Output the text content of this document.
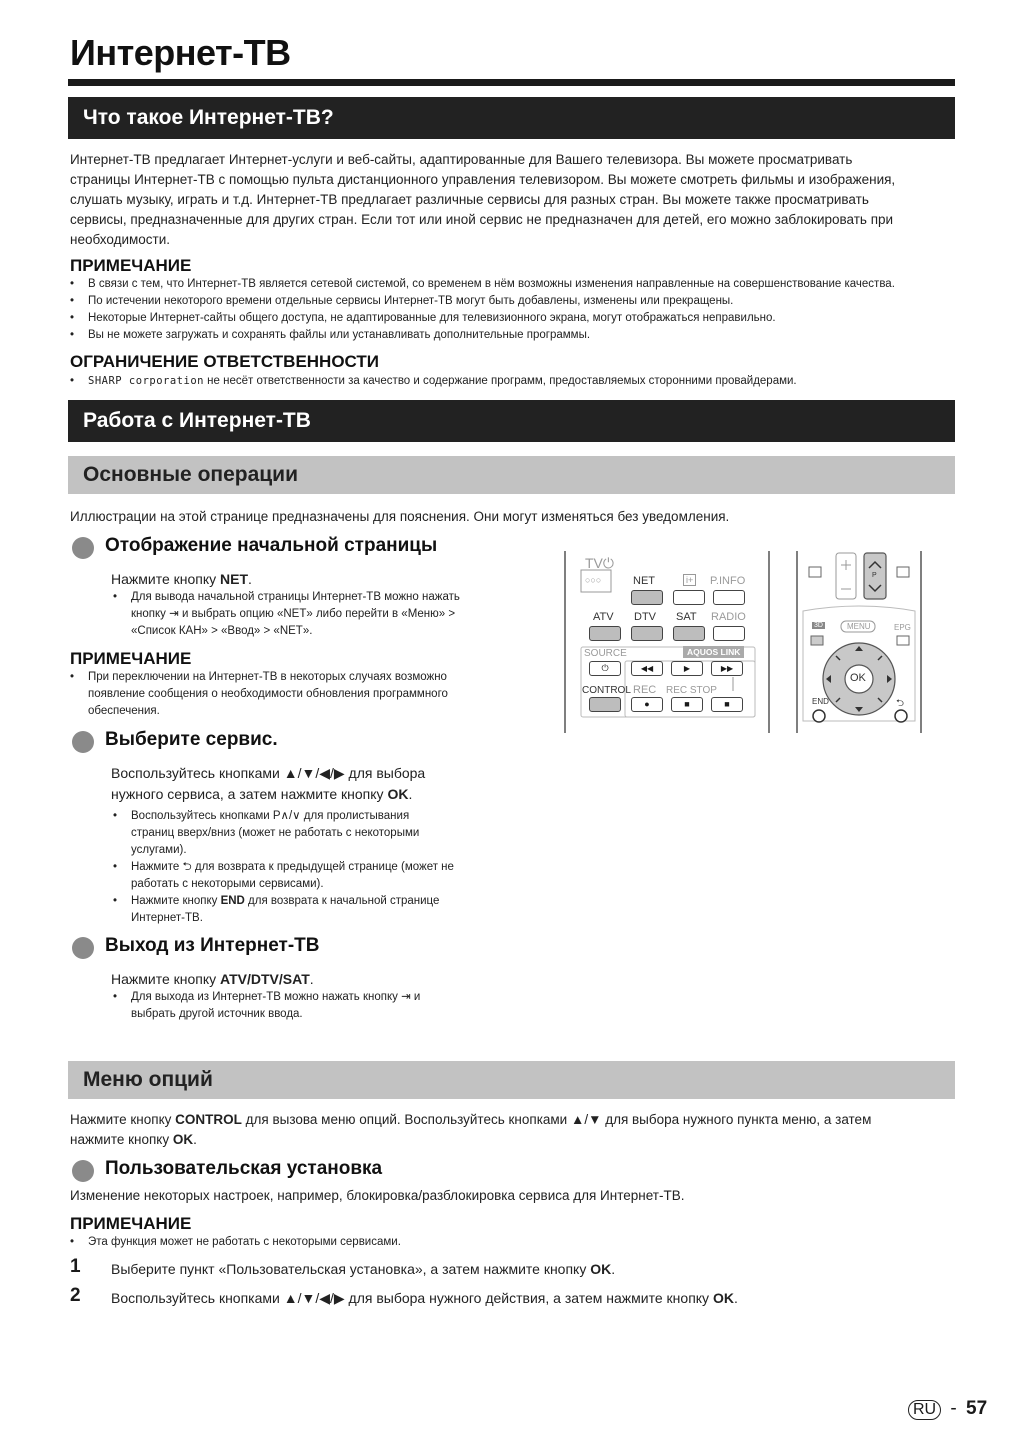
Интернет-ТВ
Что такое Интернет-ТВ?
Интернет-ТВ предлагает Интернет-услуги и веб-сайты, адаптированные для Вашего телевизора. Вы можете просматривать
страницы Интернет-ТВ с помощью пульта дистанционного управления телевизором. Вы можете смотреть фильмы и изображения,
слушать музыку, играть и т.д. Интернет-ТВ предлагает различные сервисы для разных стран. Вы можете также просматривать
сервисы, предназначенные для других стран. Если тот или иной сервис не предназначен для детей, его можно заблокировать при
необходимости.
ПРИМЕЧАНИЕ
• В связи с тем, что Интернет-ТВ является сетевой системой, со временем в нём возможны изменения направленные на совершенствование качества.
• По истечении некоторого времени отдельные сервисы Интернет-ТВ могут быть добавлены, изменены или прекращены.
• Некоторые Интернет-сайты общего доступа, не адаптированные для телевизионного экрана, могут отображаться неправильно.
• Вы не можете загружать и сохранять файлы или устанавливать дополнительные программы.
ОГРАНИЧЕНИЕ ОТВЕТСТВЕННОСТИ
• SHARP corporation не несёт ответственности за качество и содержание программ, предоставляемых сторонними провайдерами.
Работа с Интернет-ТВ
Основные операции
Иллюстрации на этой странице предназначены для пояснения. Они могут изменяться без уведомления.
Отображение начальной страницы
Нажмите кнопку NET.
• Для вывода начальной страницы Интернет-ТВ можно нажать
кнопку ⇥ и выбрать опцию «NET» либо перейти в «Меню» >
«Список КАН» > «Ввод» > «NET».
ПРИМЕЧАНИЕ
• При переключении на Интернет-ТВ в некоторых случаях возможно
появление сообщения о необходимости обновления программного
обеспечения.
Выберите сервис.
Воспользуйтесь кнопками ▲/▼/◀/▶ для выбора
нужного сервиса, а затем нажмите кнопку OK.
• Воспользуйтесь кнопками P∧/∨ для пролистывания
страниц вверх/вниз (может не работать с некоторыми
услугами).
• Нажмите ⮌ для возврата к предыдущей странице (может не
работать с некоторыми сервисами).
• Нажмите кнопку END для возврата к начальной странице
Интернет-ТВ.
Выход из Интернет-ТВ
Нажмите кнопку ATV/DTV/SAT.
• Для выхода из Интернет-ТВ можно нажать кнопку ⇥ и
выбрать другой источник ввода.
TV⏻
○○○	NET	i+ P.INFO
ATV DTV SAT RADIO
SOURCE	AQUOS LINK
⏻	◀◀	▶	▶▶
CONTROL REC REC STOP
●	■	■
3D	MENU	EPG
P
OK
END	⮌
Меню опций
Нажмите кнопку CONTROL для вызова меню опций. Воспользуйтесь кнопками ▲/▼ для выбора нужного пункта меню, а затем
нажмите кнопку OK.
Пользовательская установка
Изменение некоторых настроек, например, блокировка/разблокировка сервиса для Интернет-ТВ.
ПРИМЕЧАНИЕ
• Эта функция может не работать с некоторыми сервисами.
1 Выберите пункт «Пользовательская установка», а затем нажмите кнопку OK.
2 Воспользуйтесь кнопками ▲/▼/◀/▶ для выбора нужного действия, а затем нажмите кнопку OK.
RU - 57
